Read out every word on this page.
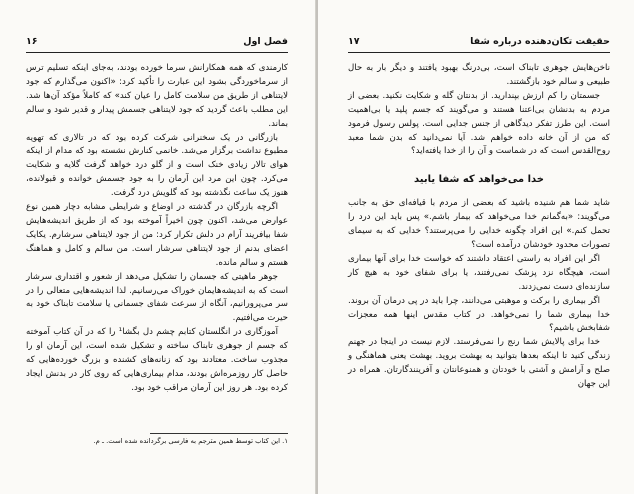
فصل اول
۱۶

کارمندی که همه همکارانش سرما خورده بودند، به‌جای اینکه تسلیم ترس از سرماخوردگی بشود این عبارت را تأکید کرد: «اکنون می‌گذارم که جود لایتناهی از طریق من سلامت کامل را عیان کند» که کاملاً مؤکد آن‌ها شد. این مطلب باعث گردید که جود لایتناهی جسمش پیدار و قدیر شود و سالم بماند.

بازرگانی در یک سخنرانی شرکت کرده بود که در تالاری که تهویه مطبوع نداشت برگزار می‌شد. خانمی کنارش نشسته بود که مدام از اینکه هوای تالار زیادی خنک است و از گلو درد خواهد گرفت گلایه و شکایت می‌کرد. چون این مرد این آرمان را به جود جسمش خوانده و قبولانده، هنوز یک ساعت نگذشته بود که گلویش درد گرفت.

اگرچه بازرگان در گذشته در اوضاع و شرایطی مشابه دچار همین نوع عوارض می‌شد، اکنون چون اخیراً آموخته بود که از طریق اندیشه‌هایش شفا بیافریند آرام در دلش تکرار کرد: من از جود لایتناهی سرشارم. یکایک اعضای بدنم از جود لایتناهی سرشار است. من سالم و کامل و هماهنگ هستم و سالم مانده.

جوهر ماهیتی که جسمان را تشکیل می‌دهد از شعور و اقتداری سرشار است که به اندیشه‌هایمان خوراک می‌رسانیم. لذا اندیشه‌هایی متعالی را در سر می‌پرورانیم، آنگاه از سرعت شفای جسمانی یا سلامت تابناک خود به حیرت می‌افتیم.

آموزگاری در انگلستان کتابم چشم دل بگشا¹ را که در آن کتاب آموخته که جسم از جوهری تابناک ساخته و تشکیل شده است، این آرمان او را مجذوب ساخت. معتادند بود که زنانه‌های کشنده و بزرگ خورده‌هایی که حاصل کار روزمره‌اش بودند، مدام بیماری‌هایی که روی کار در بدنش ایجاد کرده بود. هر روز این آرمان مراقب خود بود.

۱. این کتاب توسط همین مترجم به فارسی برگردانده شده است. ـ م.
حقیقت تکان‌دهنده درباره شفا
۱۷

ناخن‌هایش جوهری تابناک است، بی‌درنگ بهبود یافتند و دیگر بار به حال طبیعی و سالم خود بازگشتند.

جسمتان را کم ارزش بپندارید. از بدنتان گله و شکایت نکنید. بعضی از مردم به بدنشان بی‌اعتنا هستند و می‌گویند که جسم پلید یا بی‌اهمیت است. این طرز تفکر دیدگاهی از جنس جدایی است. پولس رسول فرمود که من از آن خانه داده خواهم شد. آیا نمی‌دانید که بدن شما معبد روح‌القدس است که در شماست و آن را از خدا یافته‌اید؟

خدا می‌خواهد که شفا یابید

شاید شما هم شنیده باشید که بعضی از مردم با قیافه‌ای حق به جانب می‌گویند: «به‌گمانم خدا می‌خواهد که بیمار باشم.» پس باید این درد را تحمل کنم.» این افراد چگونه خدایی را می‌پرستند؟ خدایی که به سیمای تصورات محدود خودشان درآمده است؟

اگر این افراد به راستی اعتقاد داشتند که خواست خدا برای آنها بیماری است، هیچگاه نزد پزشک نمی‌رفتند، یا برای شفای خود به هیچ کار سازنده‌ای دست نمی‌زدند.

اگر بیماری را برکت و موهبتی می‌دانند، چرا باید در پی درمان آن بروند. خدا بیماری شما را نمی‌خواهد. در کتاب مقدس اینها همه معجزات شفابخش باشیم؟

خدا برای پالایش شما رنج را نمی‌فرستد. لازم نیست در اینجا در جهنم زندگی کنید تا اینکه بعدها بتوانید به بهشت بروید. بهشت یعنی هماهنگی و صلح و آرامش و آشتی با خودتان و همنوعانتان و آفرینندگارتان. همراه در این جهان
